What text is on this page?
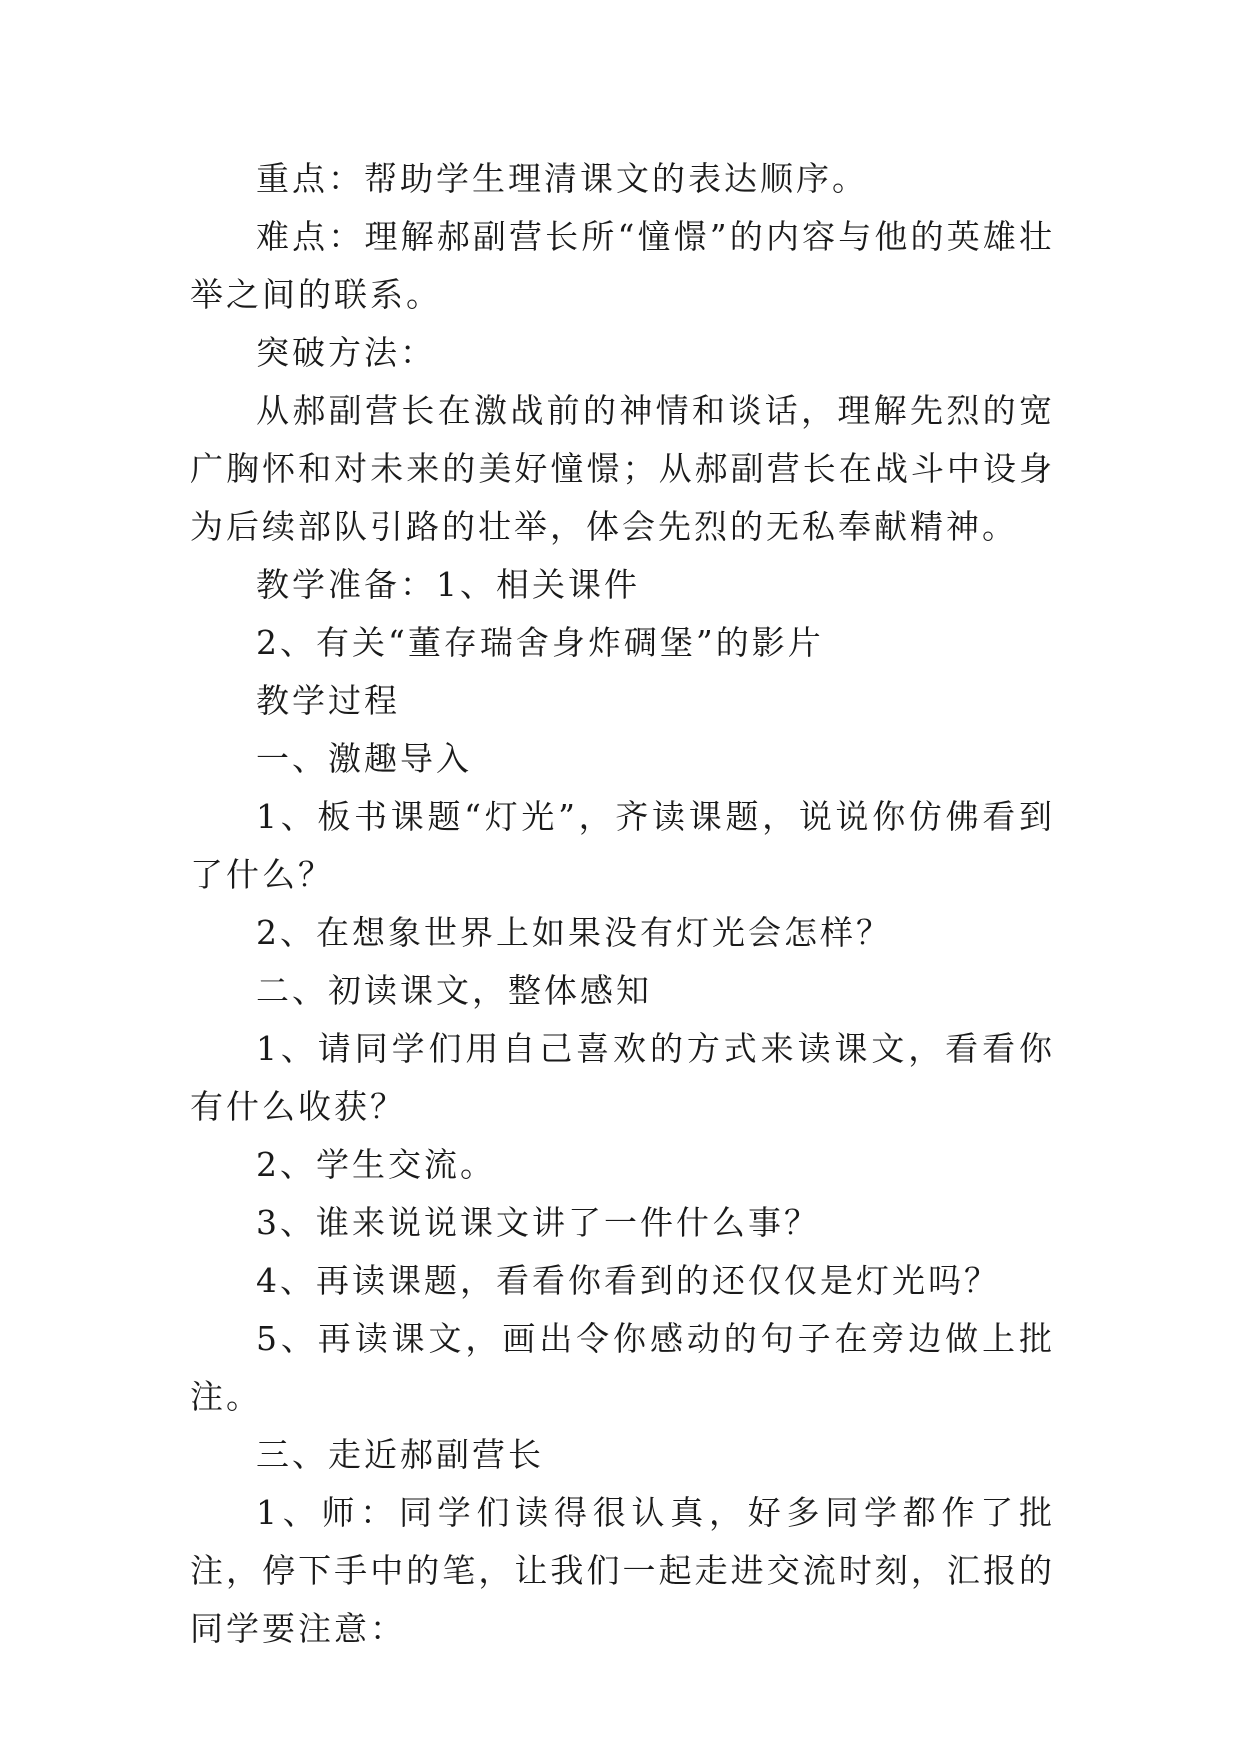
重点：帮助学生理清课文的表达顺序。

难点：理解郝副营长所“憧憬”的内容与他的英雄壮举之间的联系。

突破方法：

从郝副营长在激战前的神情和谈话，理解先烈的宽广胸怀和对未来的美好憧憬；从郝副营长在战斗中设身为后续部队引路的壮举，体会先烈的无私奉献精神。

教学准备：1、相关课件

2、有关“董存瑞舍身炸碉堡”的影片

教学过程

一、激趣导入

1、板书课题“灯光”，齐读课题，说说你仿佛看到了什么？

2、在想象世界上如果没有灯光会怎样？

二、初读课文，整体感知

1、请同学们用自己喜欢的方式来读课文，看看你有什么收获？

2、学生交流。

3、谁来说说课文讲了一件什么事？

4、再读课题，看看你看到的还仅仅是灯光吗？

5、再读课文，画出令你感动的句子在旁边做上批注。

三、走近郝副营长

1、师：同学们读得很认真，好多同学都作了批注，停下手中的笔，让我们一起走进交流时刻，汇报的同学要注意：
